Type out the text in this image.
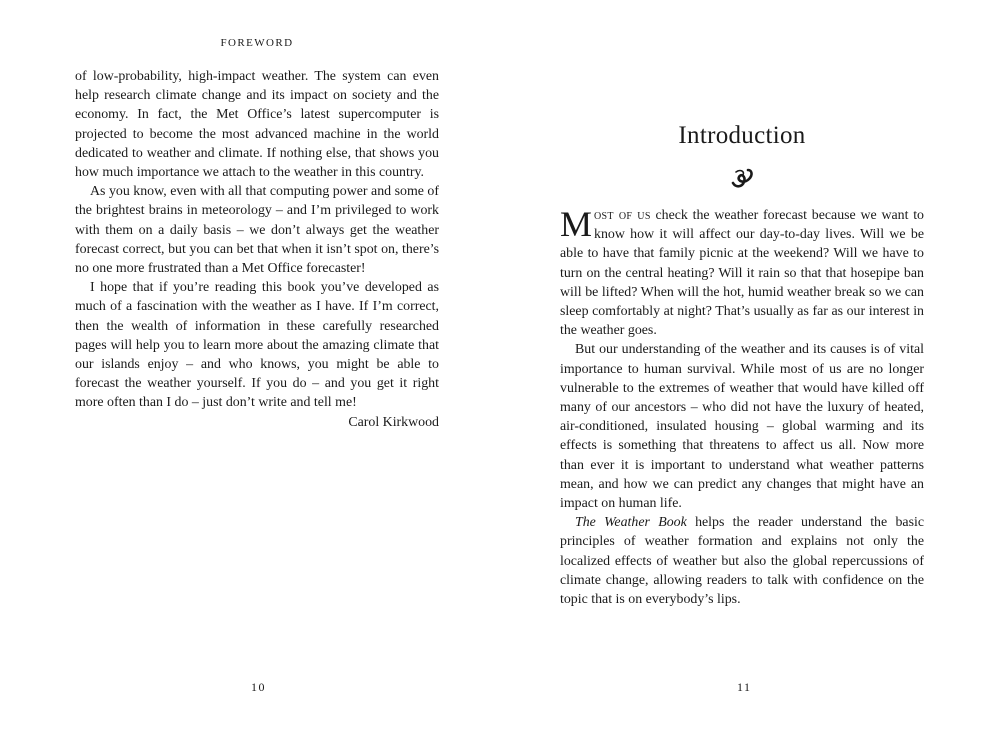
FOREWORD

of low-probability, high-impact weather. The system can even help research climate change and its impact on society and the economy. In fact, the Met Office’s latest supercomputer is projected to become the most advanced machine in the world dedicated to weather and climate. If nothing else, that shows you how much importance we attach to the weather in this country.

As you know, even with all that computing power and some of the brightest brains in meteorology – and I’m privileged to work with them on a daily basis – we don’t always get the weather forecast correct, but you can bet that when it isn’t spot on, there’s no one more frustrated than a Met Office forecaster!

I hope that if you’re reading this book you’ve developed as much of a fascination with the weather as I have. If I’m correct, then the wealth of information in these carefully researched pages will help you to learn more about the amazing climate that our islands enjoy – and who knows, you might be able to forecast the weather yourself. If you do – and you get it right more often than I do – just don’t write and tell me!

Carol Kirkwood

10
Introduction

Most of us check the weather forecast because we want to know how it will affect our day-to-day lives. Will we be able to have that family picnic at the weekend? Will we have to turn on the central heating? Will it rain so that that hosepipe ban will be lifted? When will the hot, humid weather break so we can sleep comfortably at night? That’s usually as far as our interest in the weather goes.

But our understanding of the weather and its causes is of vital importance to human survival. While most of us are no longer vulnerable to the extremes of weather that would have killed off many of our ancestors – who did not have the luxury of heated, air-conditioned, insulated housing – global warming and its effects is something that threatens to affect us all. Now more than ever it is important to understand what weather patterns mean, and how we can predict any changes that might have an impact on human life.

The Weather Book helps the reader understand the basic principles of weather formation and explains not only the localized effects of weather but also the global repercussions of climate change, allowing readers to talk with confidence on the topic that is on everybody’s lips.

11
